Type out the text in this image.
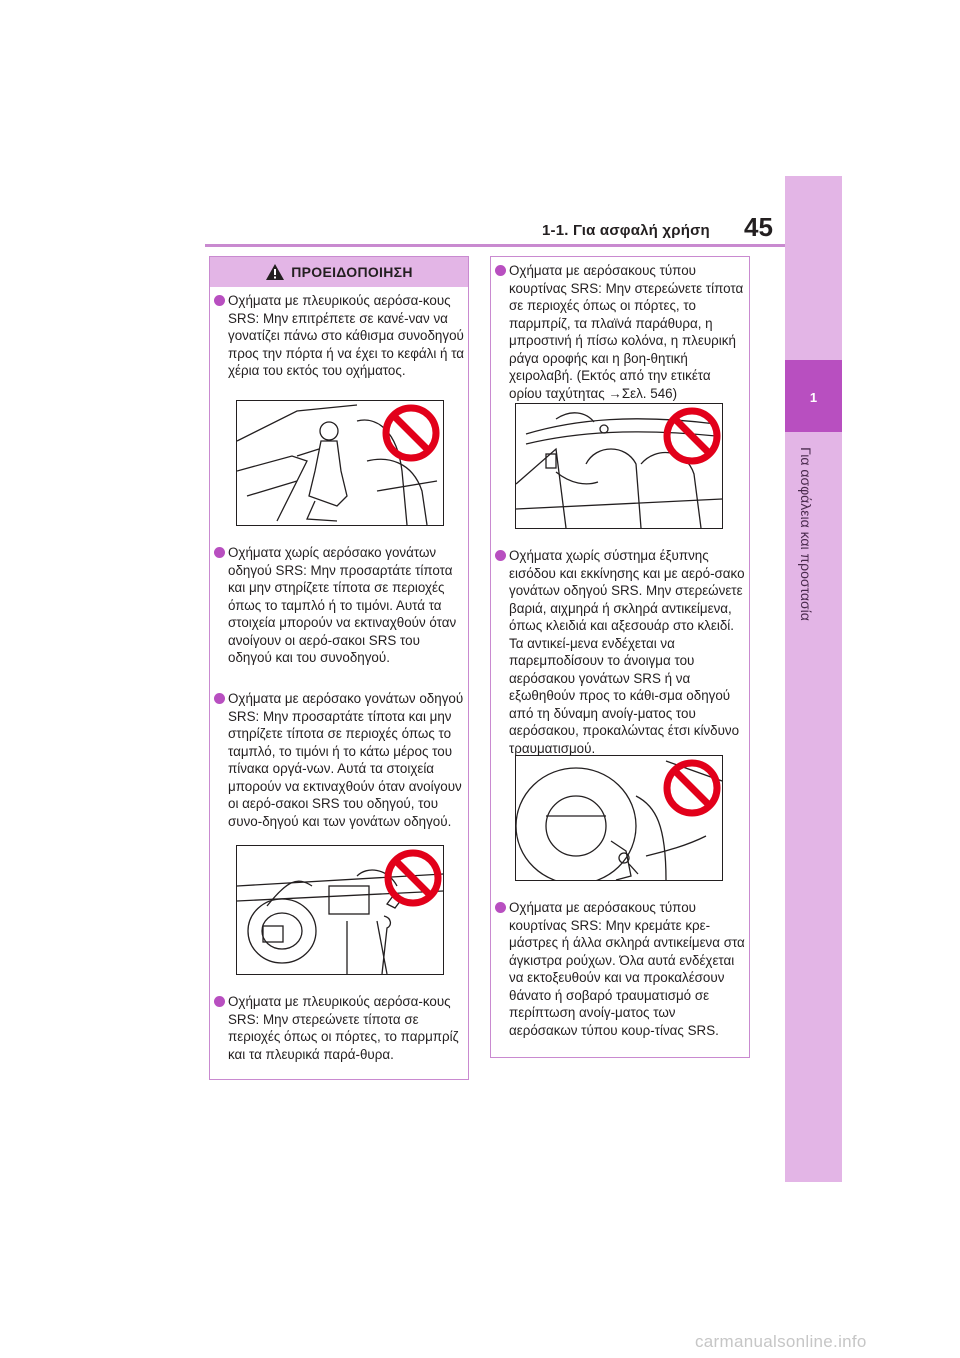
1-1. Για ασφαλή χρήση 45
1
Για ασφάλεια και προστασία
ΠΡΟΕΙΔΟΠΟΙΗΣΗ
Οχήματα με πλευρικούς αερόσα-κους SRS: Μην επιτρέπετε σε κανέ-ναν να γονατίζει πάνω στο κάθισμα συνοδηγού προς την πόρτα ή να έχει το κεφάλι ή τα χέρια του εκτός του οχήματος.
Οχήματα χωρίς αερόσακο γονάτων οδηγού SRS: Μην προσαρτάτε τίποτα και μην στηρίζετε τίποτα σε περιοχές όπως το ταμπλό ή το τιμόνι. Αυτά τα στοιχεία μπορούν να εκτιναχθούν όταν ανοίγουν οι αερό-σακοι SRS του οδηγού και του συνοδηγού.
Οχήματα με αερόσακο γονάτων οδηγού SRS: Μην προσαρτάτε τίποτα και μην στηρίζετε τίποτα σε περιοχές όπως το ταμπλό, το τιμόνι ή το κάτω μέρος του πίνακα οργά-νων. Αυτά τα στοιχεία μπορούν να εκτιναχθούν όταν ανοίγουν οι αερό-σακοι SRS του οδηγού, του συνο-δηγού και των γονάτων οδηγού.
Οχήματα με πλευρικούς αερόσα-κους SRS: Μην στερεώνετε τίποτα σε περιοχές όπως οι πόρτες, το παρμπρίζ και τα πλευρικά παρά-θυρα.
Οχήματα με αερόσακους τύπου κουρτίνας SRS: Μην στερεώνετε τίποτα σε περιοχές όπως οι πόρτες, το παρμπρίζ, τα πλαϊνά παράθυρα, η μπροστινή ή πίσω κολόνα, η πλευρική ράγα οροφής και η βοη-θητική χειρολαβή. (Εκτός από την ετικέτα ορίου ταχύτητας →Σελ. 546)
Οχήματα χωρίς σύστημα έξυπνης εισόδου και εκκίνησης και με αερό-σακο γονάτων οδηγού SRS. Μην στερεώνετε βαριά, αιχμηρά ή σκληρά αντικείμενα, όπως κλειδιά και αξεσουάρ στο κλειδί. Τα αντικεί-μενα ενδέχεται να παρεμποδίσουν το άνοιγμα του αερόσακου γονάτων SRS ή να εξωθηθούν προς το κάθι-σμα οδηγού από τη δύναμη ανοίγ-ματος του αερόσακου, προκαλώντας έτσι κίνδυνο τραυματισμού.
Οχήματα με αερόσακους τύπου κουρτίνας SRS: Μην κρεμάτε κρε-μάστρες ή άλλα σκληρά αντικείμενα στα άγκιστρα ρούχων. Όλα αυτά ενδέχεται να εκτοξευθούν και να προκαλέσουν θάνατο ή σοβαρό τραυματισμό σε περίπτωση ανοίγ-ματος των αερόσακων τύπου κουρ-τίνας SRS.
carmanualsonline.info
